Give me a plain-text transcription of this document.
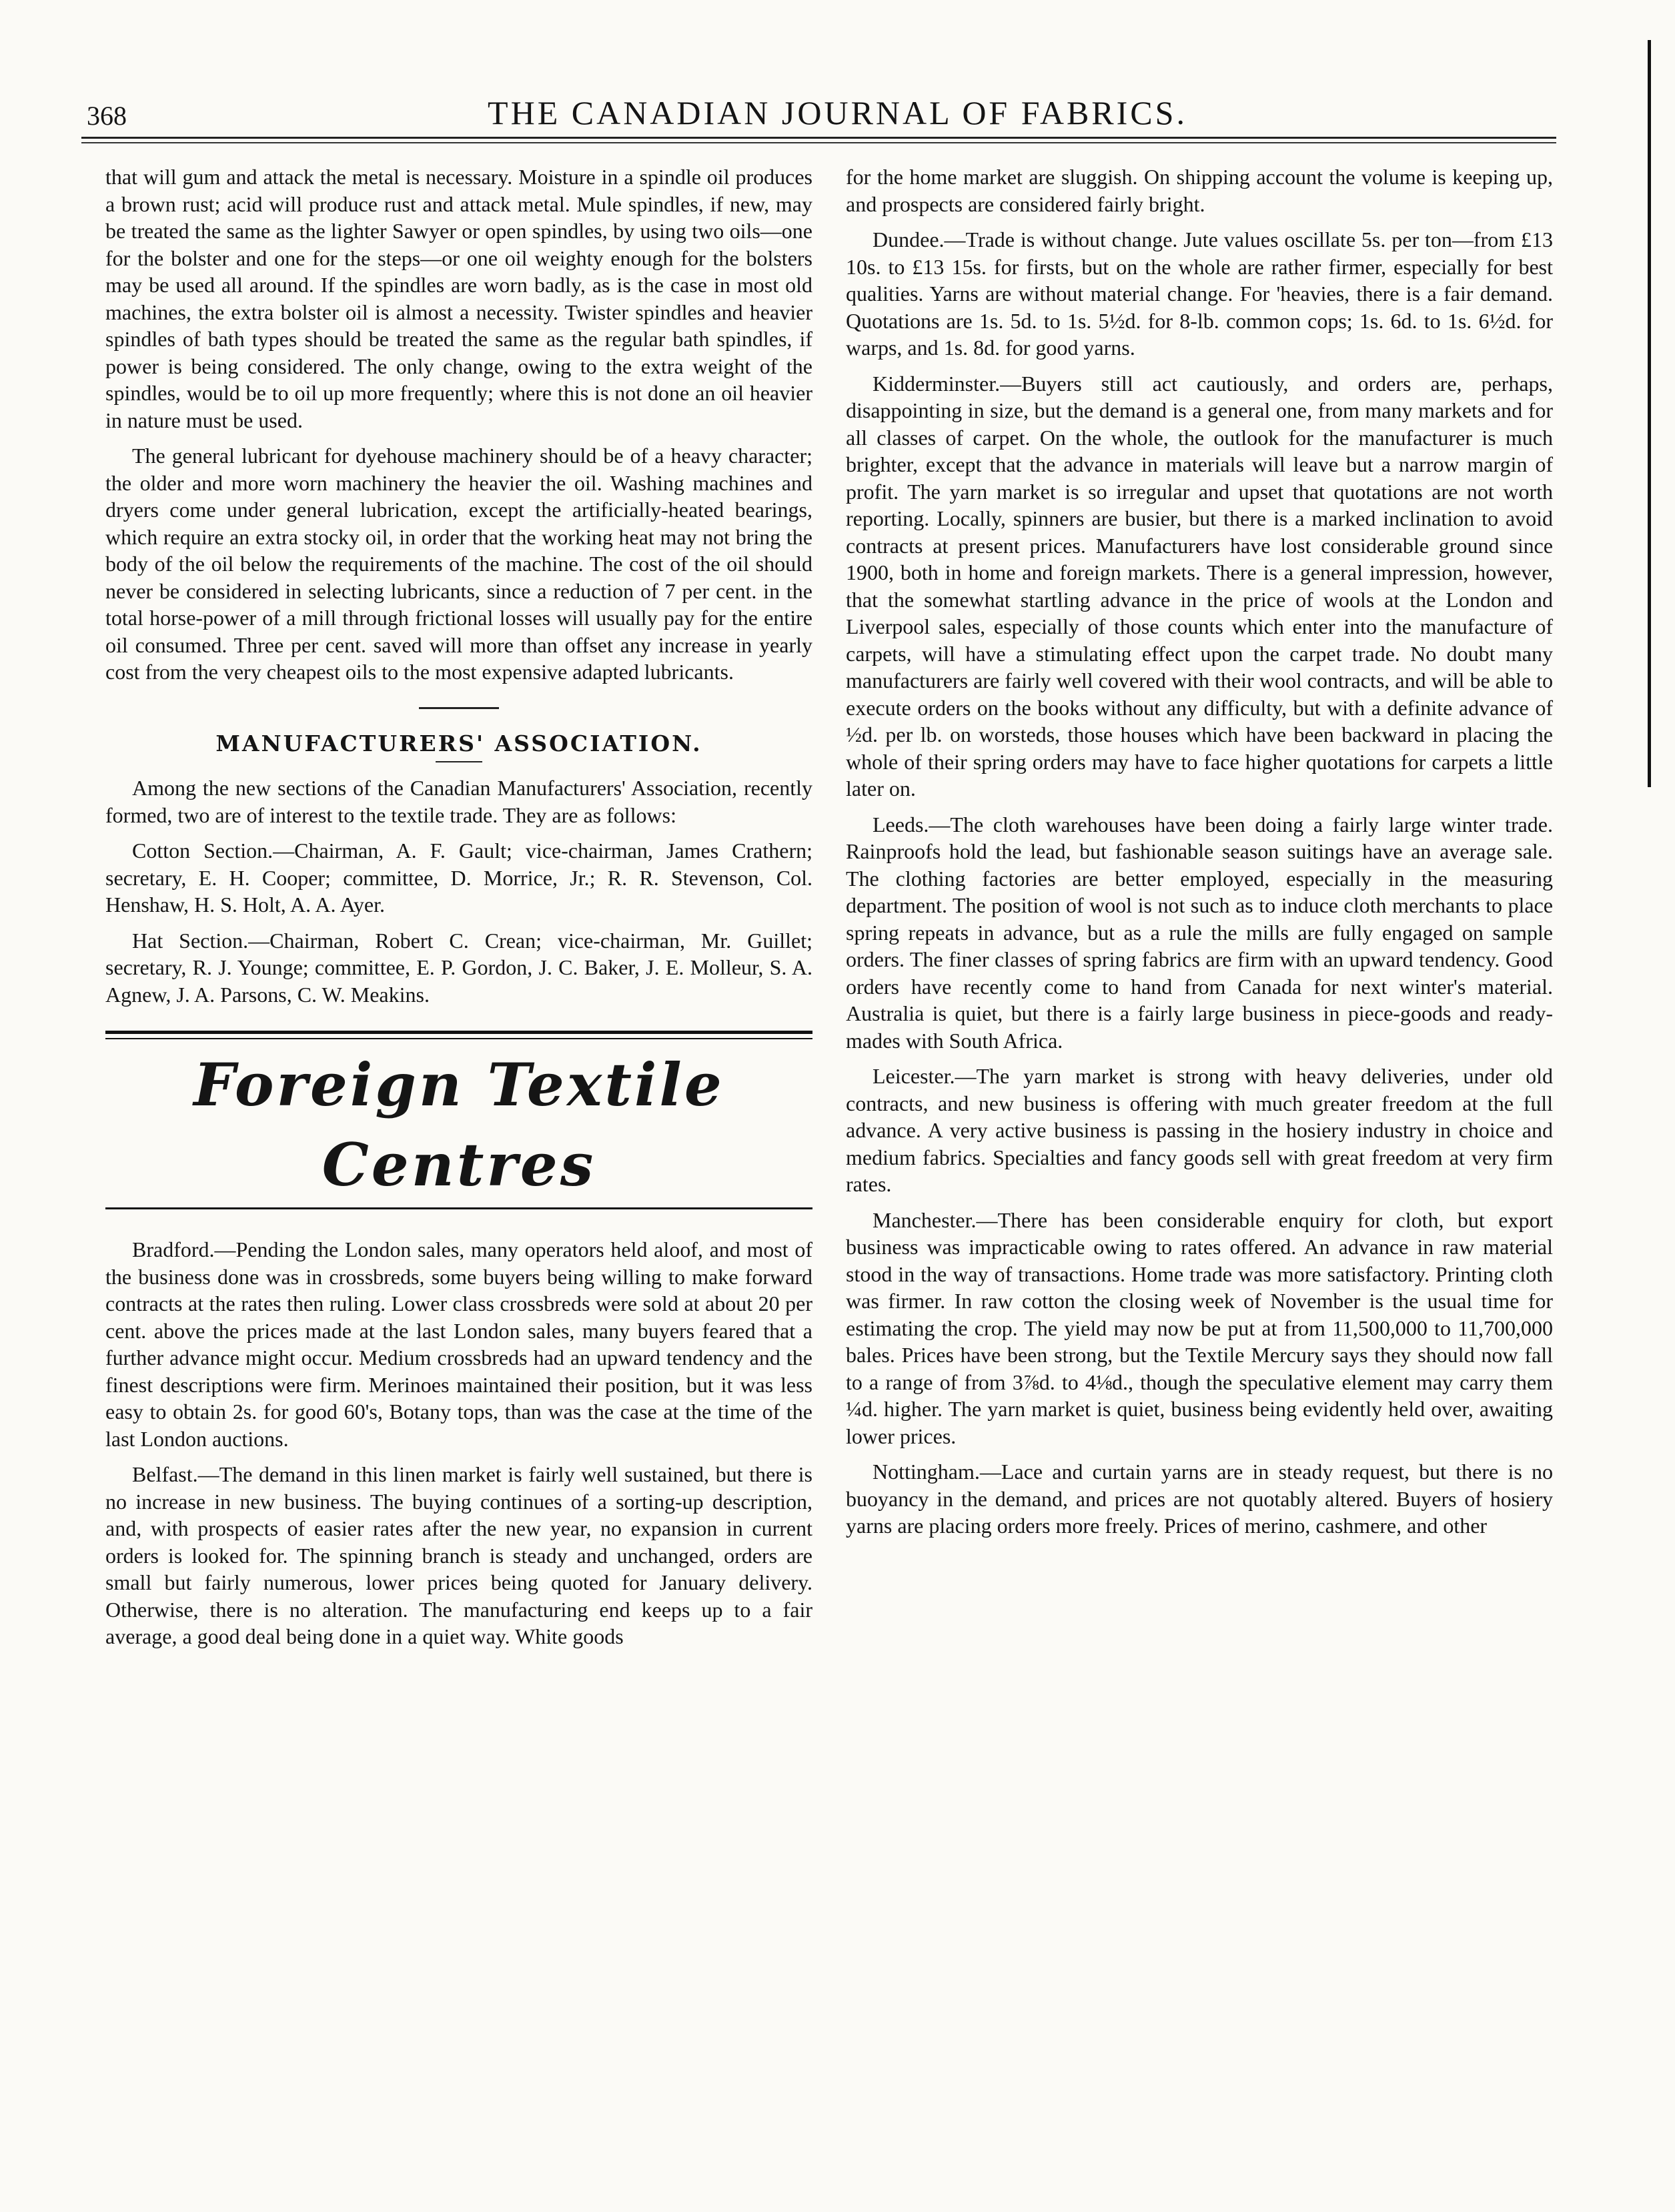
368	THE CANADIAN JOURNAL OF FABRICS.

that will gum and attack the metal is necessary. Moisture in a spindle oil produces a brown rust; acid will produce rust and attack metal. Mule spindles, if new, may be treated the same as the lighter Sawyer or open spindles, by using two oils—one for the bolster and one for the steps—or one oil weighty enough for the bolsters may be used all around. If the spindles are worn badly, as is the case in most old machines, the extra bolster oil is almost a necessity. Twister spindles and heavier spindles of bath types should be treated the same as the regular bath spindles, if power is being considered. The only change, owing to the extra weight of the spindles, would be to oil up more frequently; where this is not done an oil heavier in nature must be used.

The general lubricant for dyehouse machinery should be of a heavy character; the older and more worn machinery the heavier the oil. Washing machines and dryers come under general lubrication, except the artificially-heated bearings, which require an extra stocky oil, in order that the working heat may not bring the body of the oil below the requirements of the machine. The cost of the oil should never be considered in selecting lubricants, since a reduction of 7 per cent. in the total horse-power of a mill through frictional losses will usually pay for the entire oil consumed. Three per cent. saved will more than offset any increase in yearly cost from the very cheapest oils to the most expensive adapted lubricants.

MANUFACTURERS' ASSOCIATION.

Among the new sections of the Canadian Manufacturers' Association, recently formed, two are of interest to the textile trade. They are as follows:

Cotton Section.—Chairman, A. F. Gault; vice-chairman, James Crathern; secretary, E. H. Cooper; committee, D. Morrice, Jr.; R. R. Stevenson, Col. Henshaw, H. S. Holt, A. A. Ayer.

Hat Section.—Chairman, Robert C. Crean; vice-chairman, Mr. Guillet; secretary, R. J. Younge; committee, E. P. Gordon, J. C. Baker, J. E. Molleur, S. A. Agnew, J. A. Parsons, C. W. Meakins.

Foreign Textile Centres

Bradford.—Pending the London sales, many operators held aloof, and most of the business done was in crossbreds, some buyers being willing to make forward contracts at the rates then ruling. Lower class crossbreds were sold at about 20 per cent. above the prices made at the last London sales, many buyers feared that a further advance might occur. Medium crossbreds had an upward tendency and the finest descriptions were firm. Merinoes maintained their position, but it was less easy to obtain 2s. for good 60's, Botany tops, than was the case at the time of the last London auctions.

Belfast.—The demand in this linen market is fairly well sustained, but there is no increase in new business. The buying continues of a sorting-up description, and, with prospects of easier rates after the new year, no expansion in current orders is looked for. The spinning branch is steady and unchanged, orders are small but fairly numerous, lower prices being quoted for January delivery. Otherwise, there is no alteration. The manufacturing end keeps up to a fair average, a good deal being done in a quiet way. White goods

for the home market are sluggish. On shipping account the volume is keeping up, and prospects are considered fairly bright.

Dundee.—Trade is without change. Jute values oscillate 5s. per ton—from £13 10s. to £13 15s. for firsts, but on the whole are rather firmer, especially for best qualities. Yarns are without material change. For 'heavies, there is a fair demand. Quotations are 1s. 5d. to 1s. 5½d. for 8-lb. common cops; 1s. 6d. to 1s. 6½d. for warps, and 1s. 8d. for good yarns.

Kidderminster.—Buyers still act cautiously, and orders are, perhaps, disappointing in size, but the demand is a general one, from many markets and for all classes of carpet. On the whole, the outlook for the manufacturer is much brighter, except that the advance in materials will leave but a narrow margin of profit. The yarn market is so irregular and upset that quotations are not worth reporting. Locally, spinners are busier, but there is a marked inclination to avoid contracts at present prices. Manufacturers have lost considerable ground since 1900, both in home and foreign markets. There is a general impression, however, that the somewhat startling advance in the price of wools at the London and Liverpool sales, especially of those counts which enter into the manufacture of carpets, will have a stimulating effect upon the carpet trade. No doubt many manufacturers are fairly well covered with their wool contracts, and will be able to execute orders on the books without any difficulty, but with a definite advance of ½d. per lb. on worsteds, those houses which have been backward in placing the whole of their spring orders may have to face higher quotations for carpets a little later on.

Leeds.—The cloth warehouses have been doing a fairly large winter trade. Rainproofs hold the lead, but fashionable season suitings have an average sale. The clothing factories are better employed, especially in the measuring department. The position of wool is not such as to induce cloth merchants to place spring repeats in advance, but as a rule the mills are fully engaged on sample orders. The finer classes of spring fabrics are firm with an upward tendency. Good orders have recently come to hand from Canada for next winter's material. Australia is quiet, but there is a fairly large business in piece-goods and ready-mades with South Africa.

Leicester.—The yarn market is strong with heavy deliveries, under old contracts, and new business is offering with much greater freedom at the full advance. A very active business is passing in the hosiery industry in choice and medium fabrics. Specialties and fancy goods sell with great freedom at very firm rates.

Manchester.—There has been considerable enquiry for cloth, but export business was impracticable owing to rates offered. An advance in raw material stood in the way of transactions. Home trade was more satisfactory. Printing cloth was firmer. In raw cotton the closing week of November is the usual time for estimating the crop. The yield may now be put at from 11,500,000 to 11,700,000 bales. Prices have been strong, but the Textile Mercury says they should now fall to a range of from 3⅞d. to 4⅛d., though the speculative element may carry them ¼d. higher. The yarn market is quiet, business being evidently held over, awaiting lower prices.

Nottingham.—Lace and curtain yarns are in steady request, but there is no buoyancy in the demand, and prices are not quotably altered. Buyers of hosiery yarns are placing orders more freely. Prices of merino, cashmere, and other
